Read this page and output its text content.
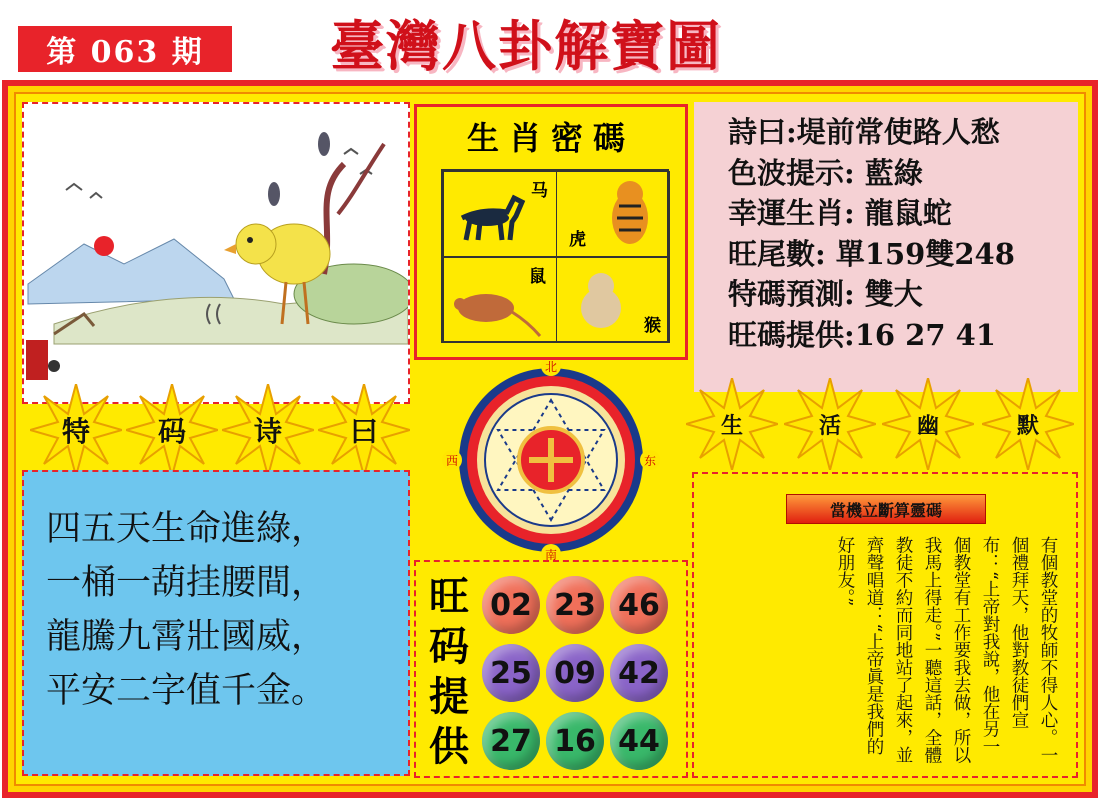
第 063 期	臺灣八卦解寶圖
特	码	诗	曰
四五天生命進綠，
一桶一葫挂腰間，
龍騰九霄壯國威，
平安二字值千金。
生肖密碼
马
虎
鼠
猴
北
西	东
南
旺码提供
02 23 46
25 09 42
27 16 44
詩曰:堤前常使路人愁
色波提示: 藍綠
幸運生肖: 龍鼠蛇
旺尾數: 單159雙248
特碼預測: 雙大
旺碼提供:16 27 41
生	活	幽	默
當機立斷算靈碼
有個教堂的牧師不得人心。一個禮拜天，他對教徒們宣布：“上帝對我說，他在另一個教堂有工作要我去做，所以我馬上得走。”一聽這話，全體教徒不約而同地站了起來，並齊聲唱道：“上帝眞是我們的好朋友。”
